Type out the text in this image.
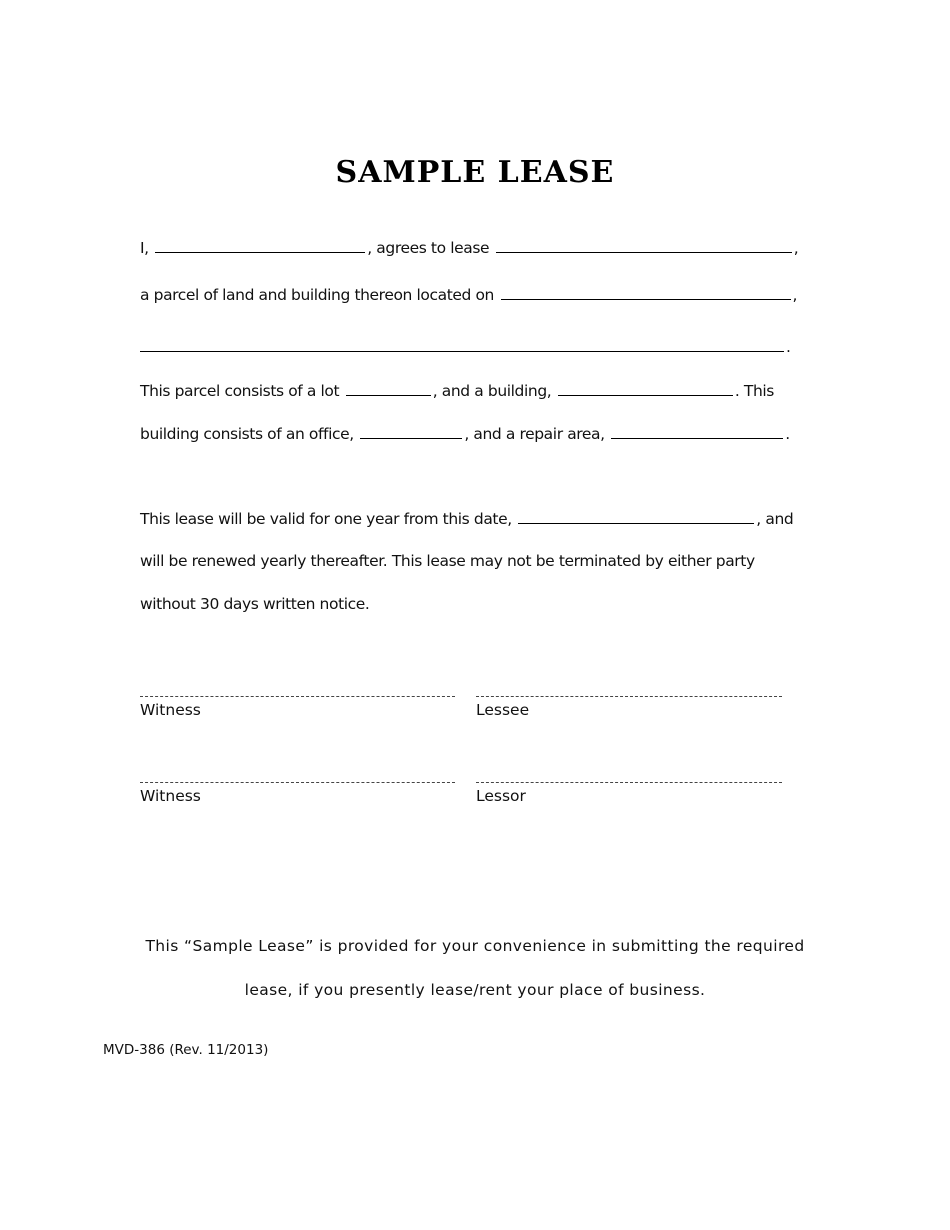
SAMPLE LEASE
I,	, agrees to lease	,
a parcel of land and building thereon located on	,
.
This parcel consists of a lot	, and a building,	. This
building consists of an office,	, and a repair area,	.
This lease will be valid for one year from this date,	, and
will be renewed yearly thereafter. This lease may not be terminated by either party
without 30 days written notice.
Witness	Lessee
Witness	Lessor
This “Sample Lease” is provided for your convenience in submitting the required
lease, if you presently lease/rent your place of business.
MVD-386 (Rev. 11/2013)
